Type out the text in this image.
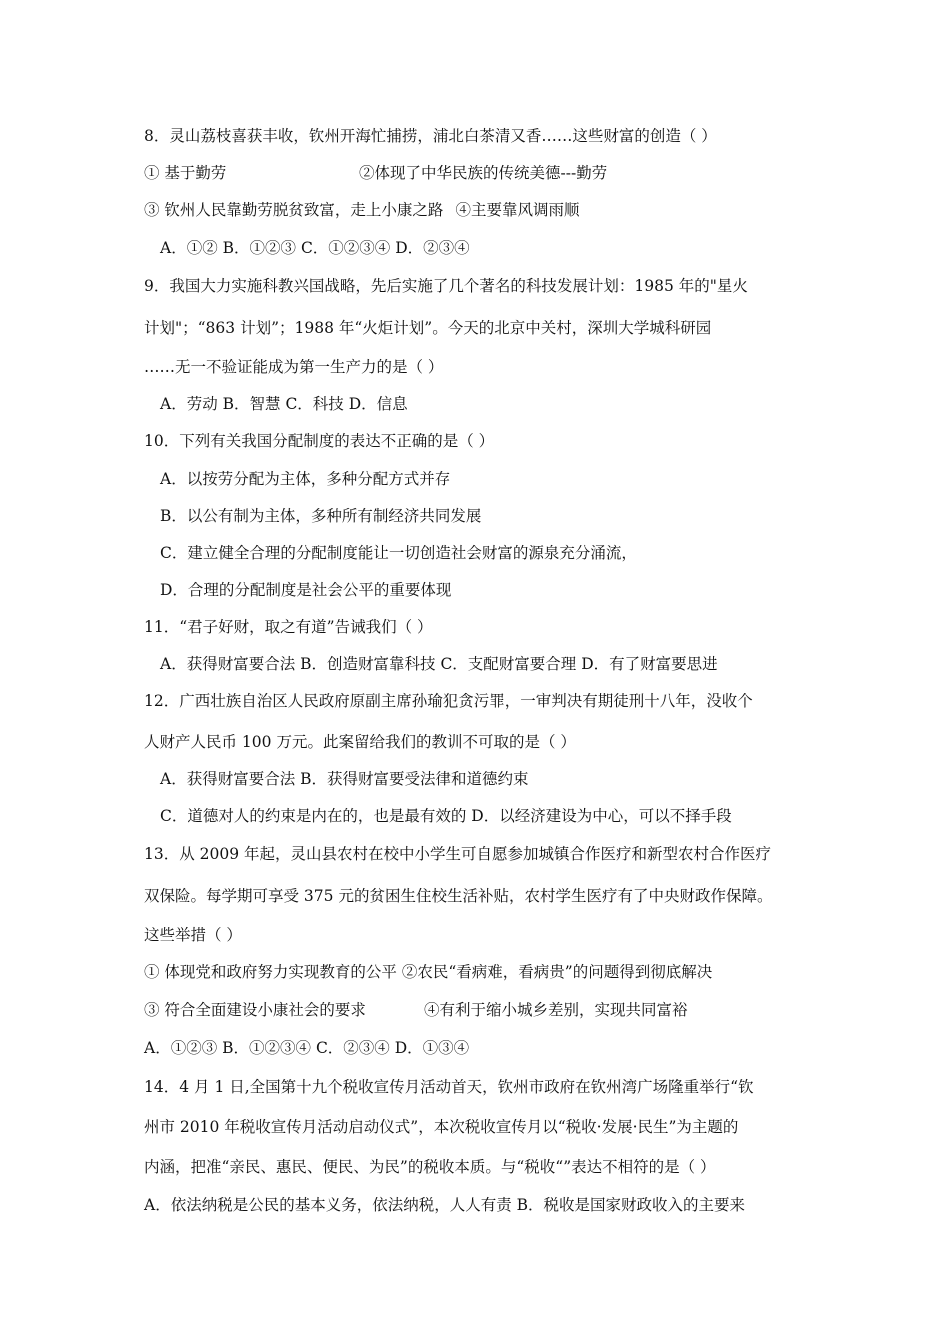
8．灵山荔枝喜获丰收，钦州开海忙捕捞，浦北白茶清又香……这些财富的创造（ ）
① 基于勤劳	②体现了中华民族的传统美德---勤劳
③ 钦州人民靠勤劳脱贫致富，走上小康之路 ④主要靠风调雨顺
A．①② B．①②③ C．①②③④ D．②③④
9．我国大力实施科教兴国战略，先后实施了几个著名的科技发展计划：1985 年的"星火
计划"；“863 计划”；1988 年“火炬计划”。今天的北京中关村，深圳大学城科研园
……无一不验证能成为第一生产力的是（ ）
A．劳动 B．智慧 C．科技 D．信息
10．下列有关我国分配制度的表达不正确的是（ ）
A．以按劳分配为主体，多种分配方式并存
B．以公有制为主体，多种所有制经济共同发展
C．建立健全合理的分配制度能让一切创造社会财富的源泉充分涌流，
D．合理的分配制度是社会公平的重要体现
11．“君子好财，取之有道”告诫我们（ ）
A．获得财富要合法 B．创造财富靠科技 C．支配财富要合理 D．有了财富要思进
12．广西壮族自治区人民政府原副主席孙瑜犯贪污罪，一审判决有期徒刑十八年，没收个
人财产人民币 100 万元。此案留给我们的教训不可取的是（ ）
A．获得财富要合法 B．获得财富要受法律和道德约束
C．道德对人的约束是内在的，也是最有效的 D．以经济建设为中心，可以不择手段
13．从 2009 年起，灵山县农村在校中小学生可自愿参加城镇合作医疗和新型农村合作医疗
双保险。每学期可享受 375 元的贫困生住校生活补贴，农村学生医疗有了中央财政作保障。
这些举措（ ）
① 体现党和政府努力实现教育的公平 ②农民“看病难，看病贵”的问题得到彻底解决
③ 符合全面建设小康社会的要求	④有利于缩小城乡差别，实现共同富裕
A．①②③ B．①②③④ C．②③④ D．①③④
14．4 月 1 日,全国第十九个税收宣传月活动首天，钦州市政府在钦州湾广场隆重举行“钦
州市 2010 年税收宣传月活动启动仪式”，本次税收宣传月以“税收·发展·民生”为主题的
内涵，把准“亲民、惠民、便民、为民”的税收本质。与“税收“”表达不相符的是（ ）
A．依法纳税是公民的基本义务，依法纳税，人人有责 B．税收是国家财政收入的主要来
